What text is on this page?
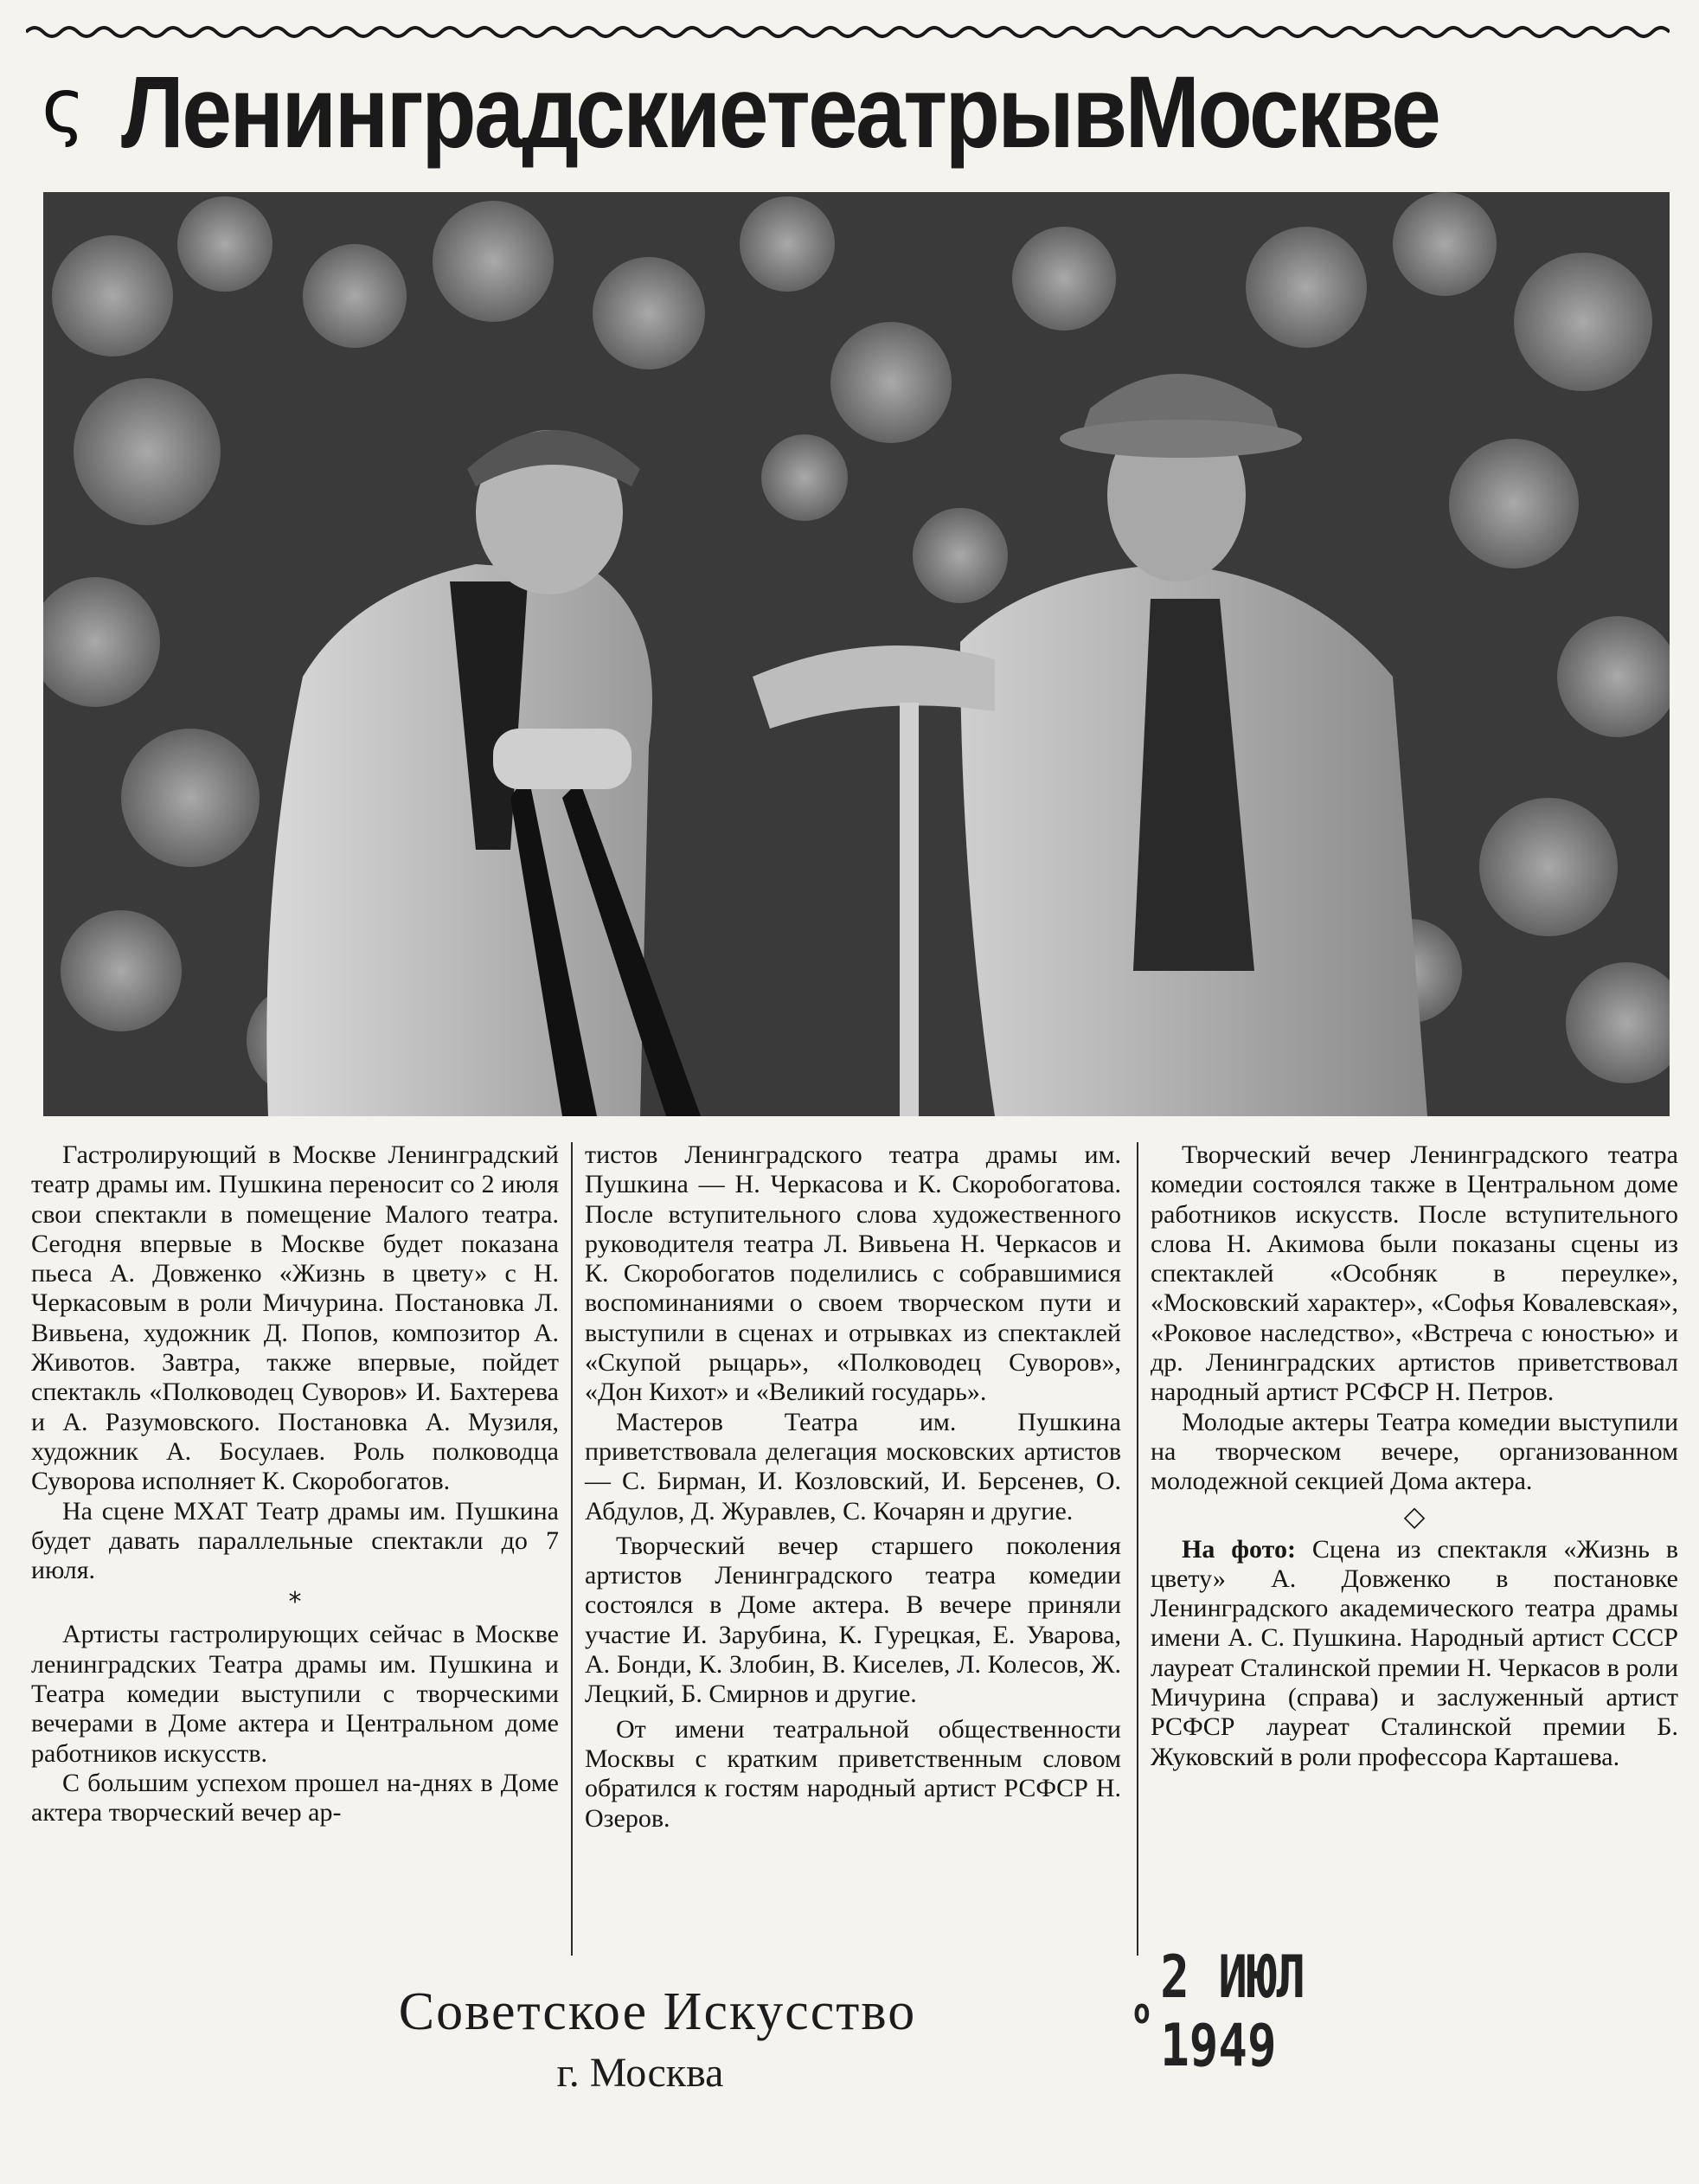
ς Ленинградские театры в Москве

Гастролирующий в Москве Ленинградский театр драмы им. Пушкина переносит со 2 июля свои спектакли в помещение Малого театра. Сегодня впервые в Москве будет показана пьеса А. Довженко «Жизнь в цвету» с Н. Черкасовым в роли Мичурина. Постановка Л. Вивьена, художник Д. Попов, композитор А. Животов. Завтра, также впервые, пойдет спектакль «Полководец Суворов» И. Бахтерева и А. Разумовского. Постановка А. Музиля, художник А. Босулаев. Роль полководца Суворова исполняет К. Скоробогатов.

На сцене МХАТ Театр драмы им. Пушкина будет давать параллельные спектакли до 7 июля.

*

Артисты гастролирующих сейчас в Москве ленинградских Театра драмы им. Пушкина и Театра комедии выступили с творческими вечерами в Доме актера и Центральном доме работников искусств.

С большим успехом прошел на-днях в Доме актера творческий вечер ар-

тистов Ленинградского театра драмы им. Пушкина — Н. Черкасова и К. Скоробогатова. После вступительного слова художественного руководителя театра Л. Вивьена Н. Черкасов и К. Скоробогатов поделились с собравшимися воспоминаниями о своем творческом пути и выступили в сценах и отрывках из спектаклей «Скупой рыцарь», «Полководец Суворов», «Дон Кихот» и «Великий государь».

Мастеров Театра им. Пушкина приветствовала делегация московских артистов — С. Бирман, И. Козловский, И. Берсенев, О. Абдулов, Д. Журавлев, С. Кочарян и другие.

Творческий вечер старшего поколения артистов Ленинградского театра комедии состоялся в Доме актера. В вечере приняли участие И. Зарубина, К. Гурецкая, Е. Уварова, А. Бонди, К. Злобин, В. Киселев, Л. Колесов, Ж. Лецкий, Б. Смирнов и другие.

От имени театральной общественности Москвы с кратким приветственным словом обратился к гостям народный артист РСФСР Н. Озеров.

Творческий вечер Ленинградского театра комедии состоялся также в Центральном доме работников искусств. После вступительного слова Н. Акимова были показаны сцены из спектаклей «Особняк в переулке», «Московский характер», «Софья Ковалевская», «Роковое наследство», «Встреча с юностью» и др. Ленинградских артистов приветствовал народный артист РСФСР Н. Петров.

Молодые актеры Театра комедии выступили на творческом вечере, организованном молодежной секцией Дома актера.

◇

На фото: Сцена из спектакля «Жизнь в цвету» А. Довженко в постановке Ленинградского академического театра драмы имени А. С. Пушкина. Народный артист СССР лауреат Сталинской премии Н. Черкасов в роли Мичурина (справа) и заслуженный артист РСФСР лауреат Сталинской премии Б. Жуковский в роли профессора Карташева.

Советское Искусство
г. Москва
o 2 ИЮЛ 1949
